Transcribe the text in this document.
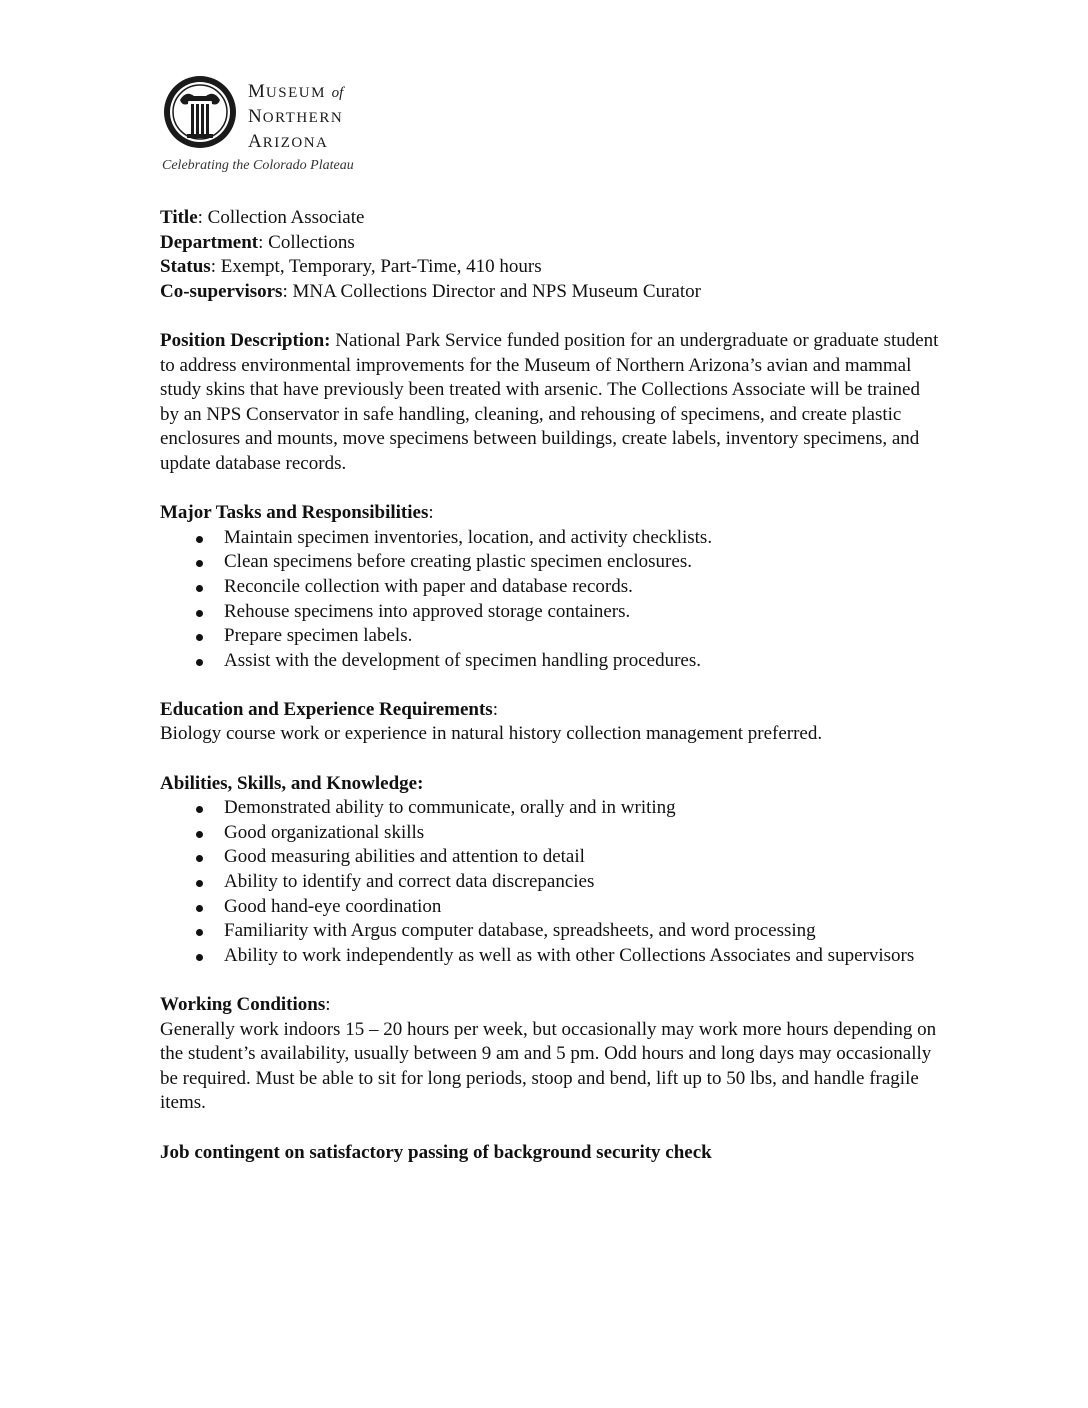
MUSEUM of
NORTHERN
ARIZONA
Celebrating the Colorado Plateau

Title: Collection Associate

Department: Collections

Status: Exempt, Temporary, Part-Time, 410 hours

Co-supervisors: MNA Collections Director and NPS Museum Curator

Position Description: National Park Service funded position for an undergraduate or graduate student to address environmental improvements for the Museum of Northern Arizona’s avian and mammal study skins that have previously been treated with arsenic. The Collections Associate will be trained by an NPS Conservator in safe handling, cleaning, and rehousing of specimens, and create plastic enclosures and mounts, move specimens between buildings, create labels, inventory specimens, and update database records.

Major Tasks and Responsibilities:

Maintain specimen inventories, location, and activity checklists.
Clean specimens before creating plastic specimen enclosures.
Reconcile collection with paper and database records.
Rehouse specimens into approved storage containers.
Prepare specimen labels.
Assist with the development of specimen handling procedures.

Education and Experience Requirements:

Biology course work or experience in natural history collection management preferred.

Abilities, Skills, and Knowledge:

Demonstrated ability to communicate, orally and in writing
Good organizational skills
Good measuring abilities and attention to detail
Ability to identify and correct data discrepancies
Good hand-eye coordination
Familiarity with Argus computer database, spreadsheets, and word processing
Ability to work independently as well as with other Collections Associates and supervisors

Working Conditions:

Generally work indoors 15 – 20 hours per week, but occasionally may work more hours depending on the student’s availability, usually between 9 am and 5 pm. Odd hours and long days may occasionally be required. Must be able to sit for long periods, stoop and bend, lift up to 50 lbs, and handle fragile items.

Job contingent on satisfactory passing of background security check
